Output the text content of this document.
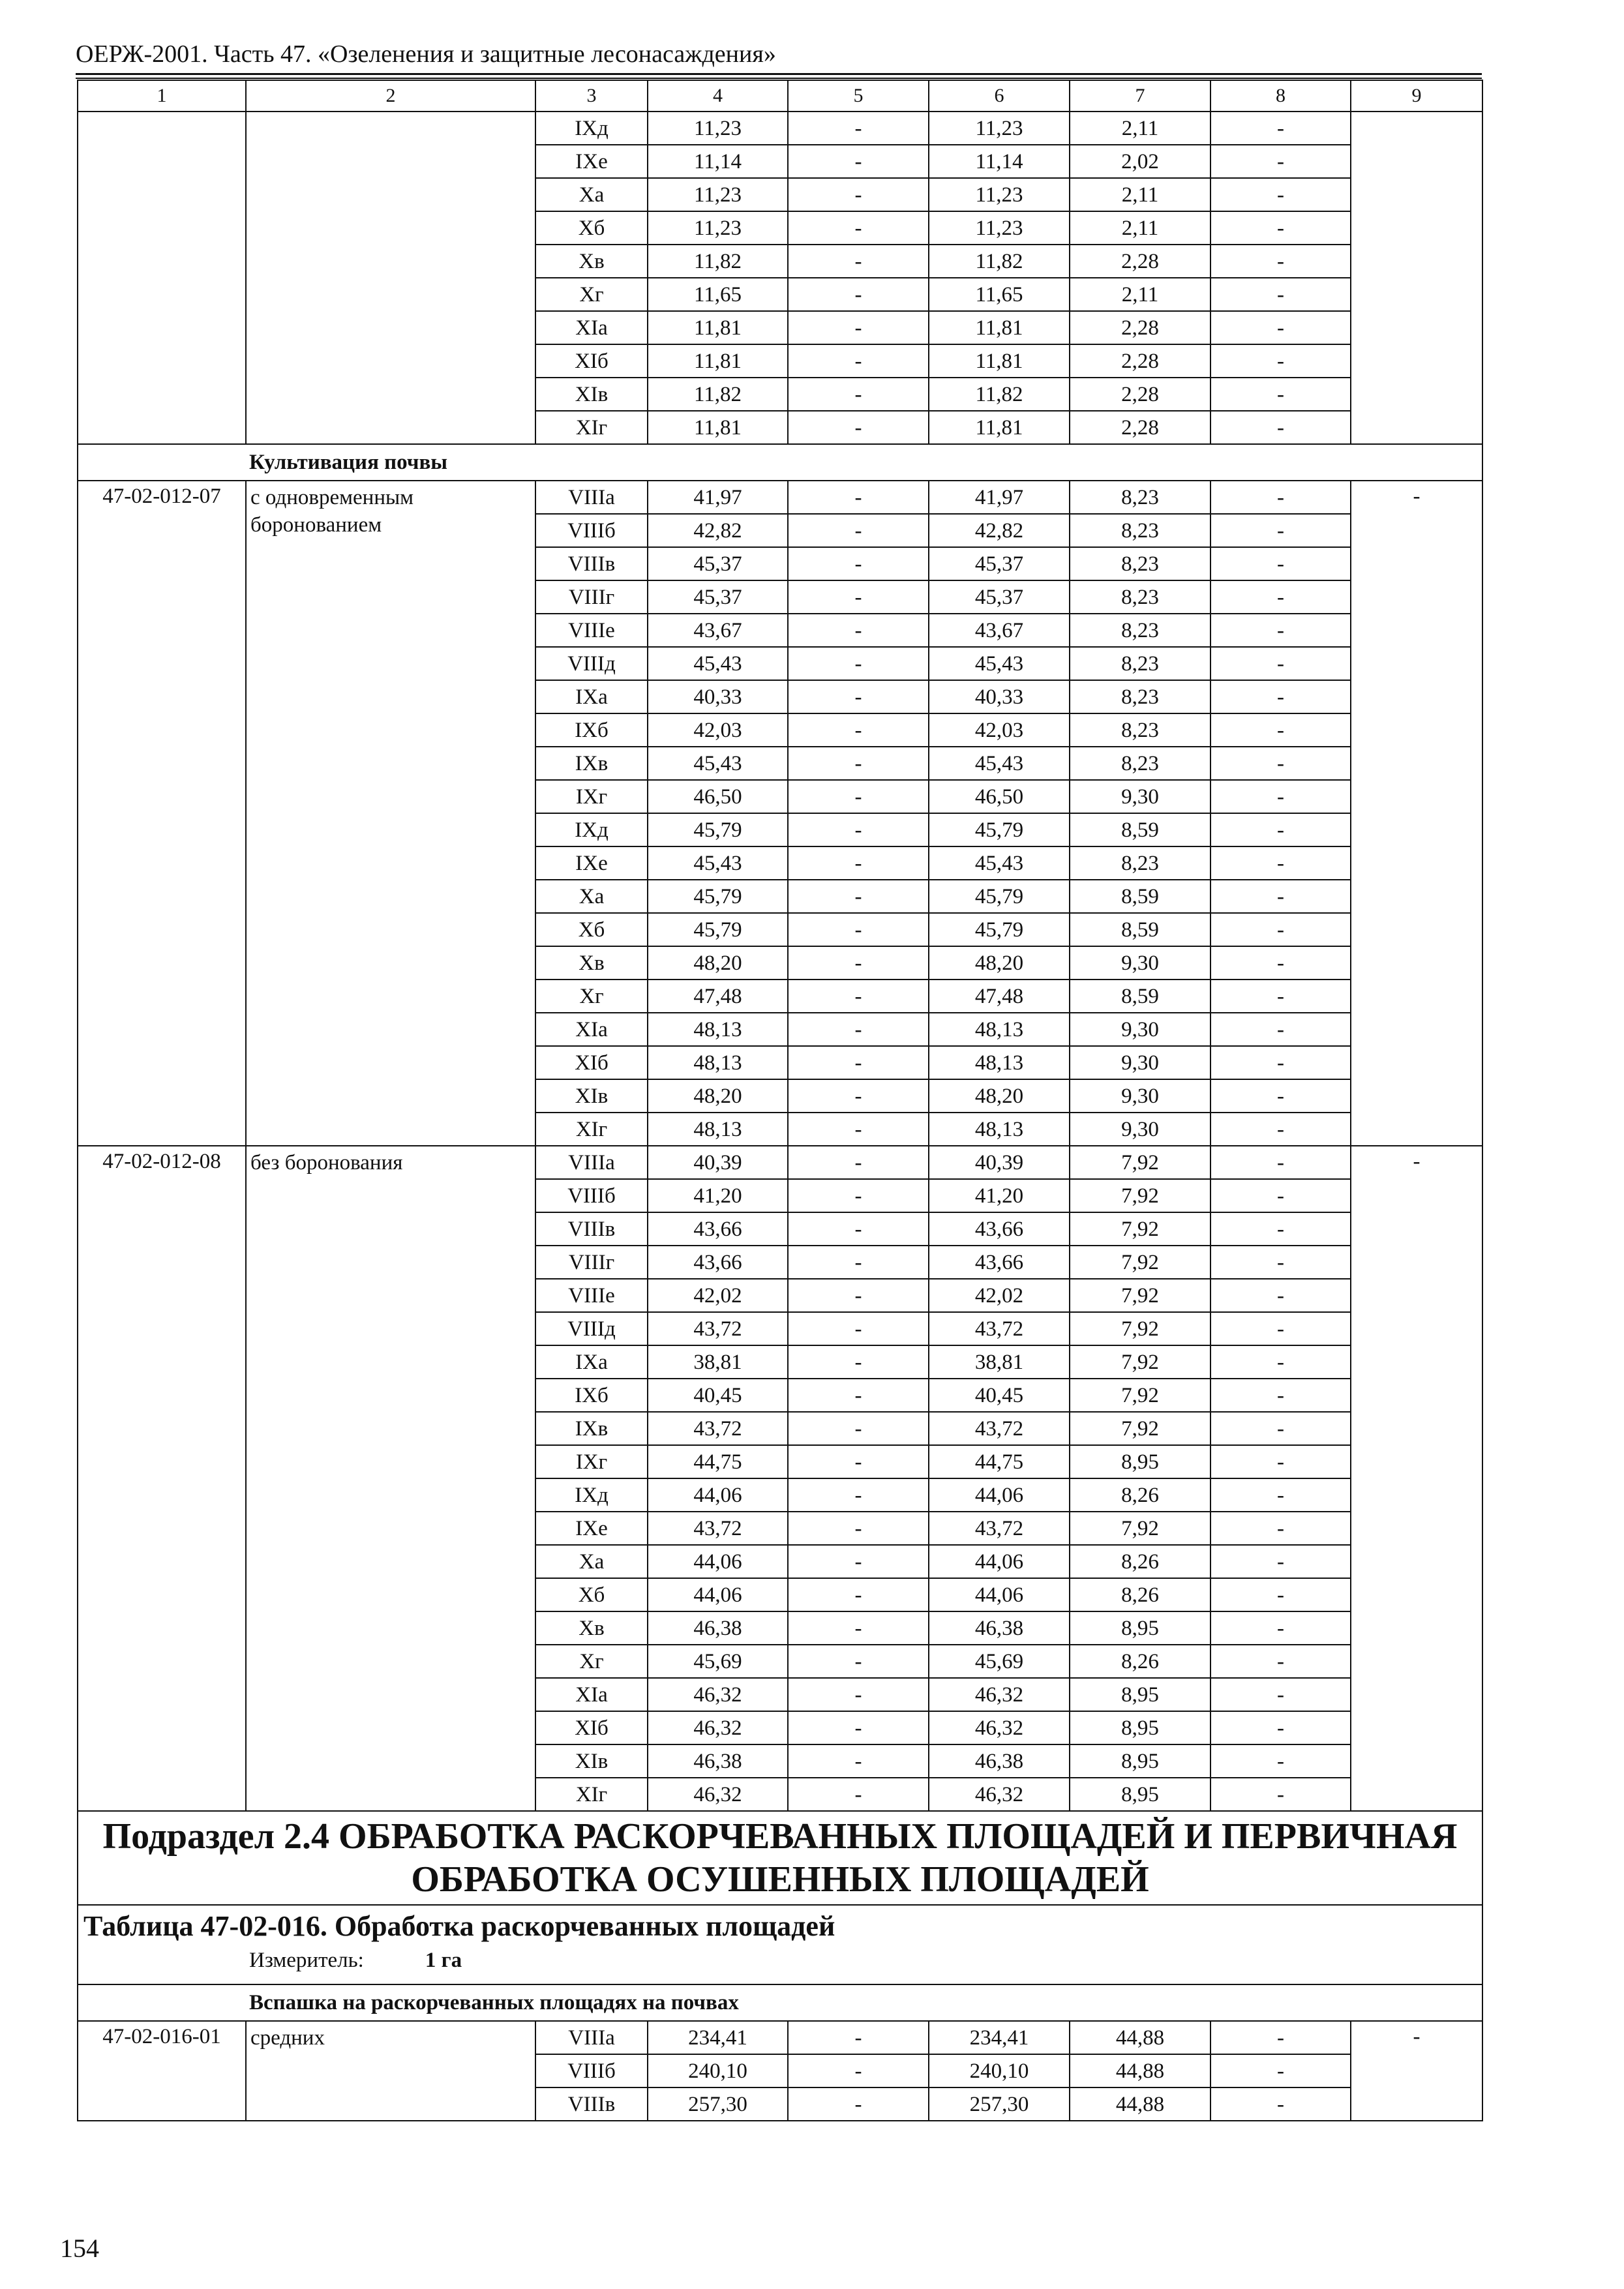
ОЕРЖ-2001. Часть 47. «Озеленения и защитные лесонасаждения»
1	2	3	4	5	6	7	8	9
		IXд	11,23	-	11,23	2,11	-	
		IXе	11,14	-	11,14	2,02	-	
		Xа	11,23	-	11,23	2,11	-	
		Xб	11,23	-	11,23	2,11	-	
		Xв	11,82	-	11,82	2,28	-	
		Xг	11,65	-	11,65	2,11	-	
		XIа	11,81	-	11,81	2,28	-	
		XIб	11,81	-	11,81	2,28	-	
		XIв	11,82	-	11,82	2,28	-	
		XIг	11,81	-	11,81	2,28	-	
Культивация почвы								
47-02-012-07	с одновременным боронованием	VIIIа	41,97	-	41,97	8,23	-	-
		VIIIб	42,82	-	42,82	8,23	-	
		VIIIв	45,37	-	45,37	8,23	-	
		VIIIг	45,37	-	45,37	8,23	-	
		VIIIе	43,67	-	43,67	8,23	-	
		VIIIд	45,43	-	45,43	8,23	-	
		IXа	40,33	-	40,33	8,23	-	
		IXб	42,03	-	42,03	8,23	-	
		IXв	45,43	-	45,43	8,23	-	
		IXг	46,50	-	46,50	9,30	-	
		IXд	45,79	-	45,79	8,59	-	
		IXе	45,43	-	45,43	8,23	-	
		Xа	45,79	-	45,79	8,59	-	
		Xб	45,79	-	45,79	8,59	-	
		Xв	48,20	-	48,20	9,30	-	
		Xг	47,48	-	47,48	8,59	-	
		XIа	48,13	-	48,13	9,30	-	
		XIб	48,13	-	48,13	9,30	-	
		XIв	48,20	-	48,20	9,30	-	
		XIг	48,13	-	48,13	9,30	-	
47-02-012-08	без боронования	VIIIа	40,39	-	40,39	7,92	-	-
		VIIIб	41,20	-	41,20	7,92	-	
		VIIIв	43,66	-	43,66	7,92	-	
		VIIIг	43,66	-	43,66	7,92	-	
		VIIIе	42,02	-	42,02	7,92	-	
		VIIIд	43,72	-	43,72	7,92	-	
		IXа	38,81	-	38,81	7,92	-	
		IXб	40,45	-	40,45	7,92	-	
		IXв	43,72	-	43,72	7,92	-	
		IXг	44,75	-	44,75	8,95	-	
		IXд	44,06	-	44,06	8,26	-	
		IXе	43,72	-	43,72	7,92	-	
		Xа	44,06	-	44,06	8,26	-	
		Xб	44,06	-	44,06	8,26	-	
		Xв	46,38	-	46,38	8,95	-	
		Xг	45,69	-	45,69	8,26	-	
		XIа	46,32	-	46,32	8,95	-	
		XIб	46,32	-	46,32	8,95	-	
		XIв	46,38	-	46,38	8,95	-	
		XIг	46,32	-	46,32	8,95	-	
Подраздел 2.4 ОБРАБОТКА РАСКОРЧЕВАННЫХ ПЛОЩАДЕЙ И ПЕРВИЧНАЯ ОБРАБОТКА ОСУШЕННЫХ ПЛОЩАДЕЙ								

Таблица 47-02-016. Обработка раскорчеванных площадей
Измеритель: 1 га								

Вспашка на раскорчеванных площадях на почвах								
47-02-016-01	средних	VIIIа	234,41	-	234,41	44,88	-	-
		VIIIб	240,10	-	240,10	44,88	-	
		VIIIв	257,30	-	257,30	44,88	-	
154
